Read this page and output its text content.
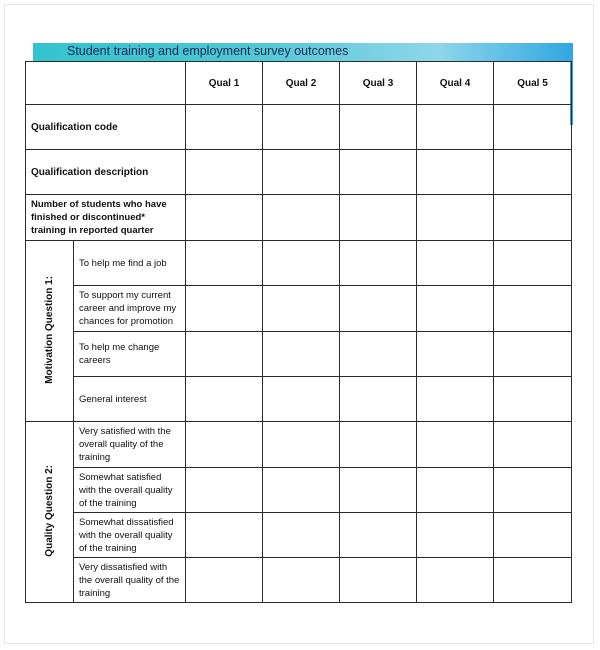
Student training and employment survey outcomes
		Qual 1	Qual 2	Qual 3	Qual 4	Qual 5
Qualification code						
Qualification description						
Number of students who have finished or discontinued* training in reported quarter						
Motivation Question 1:	To help me find a job					
	To support my current career and improve my chances for promotion					
	To help me change careers					
	General interest					
Quality Question 2:	Very satisfied with the overall quality of the training					
	Somewhat satisfied with the overall quality of the training					
	Somewhat dissatisfied with the overall quality of the training					
	Very dissatisfied with the overall quality of the training					
